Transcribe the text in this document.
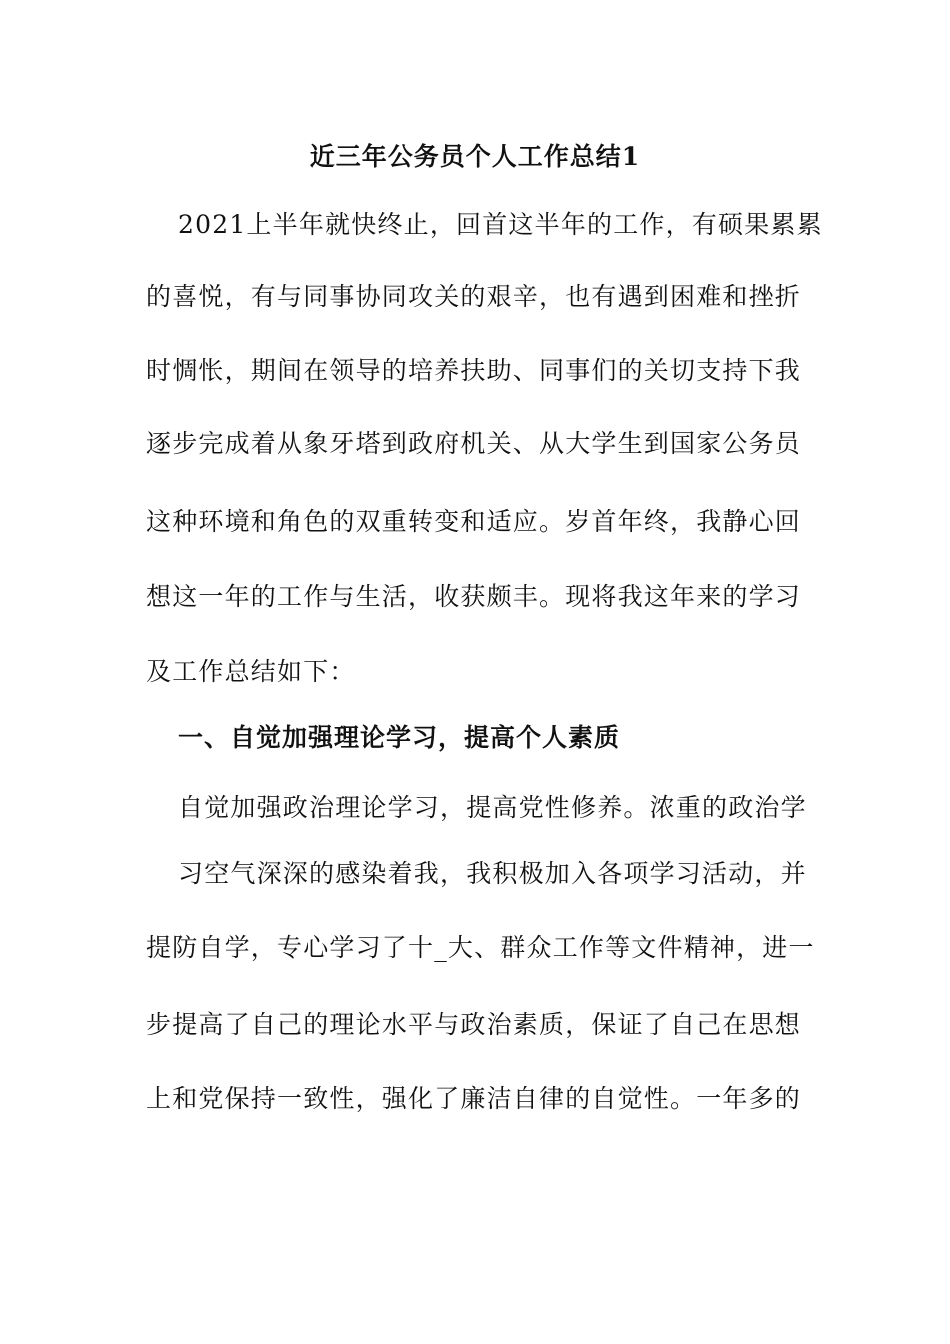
近三年公务员个人工作总结1
2021上半年就快终止，回首这半年的工作，有硕果累累
的喜悦，有与同事协同攻关的艰辛，也有遇到困难和挫折
时惆怅，期间在领导的培养扶助、同事们的关切支持下我
逐步完成着从象牙塔到政府机关、从大学生到国家公务员
这种环境和角色的双重转变和适应。岁首年终，我静心回
想这一年的工作与生活，收获颇丰。现将我这年来的学习
及工作总结如下：
一、自觉加强理论学习，提高个人素质
自觉加强政治理论学习，提高党性修养。浓重的政治学
习空气深深的感染着我，我积极加入各项学习活动，并
提防自学，专心学习了十_大、群众工作等文件精神，进一
步提高了自己的理论水平与政治素质，保证了自己在思想
上和党保持一致性，强化了廉洁自律的自觉性。一年多的
